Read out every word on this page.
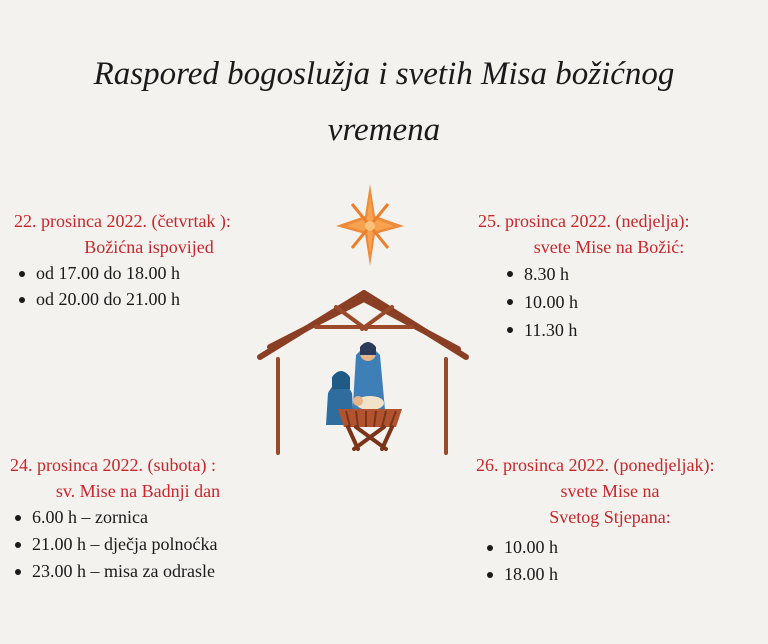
Raspored bogoslužja i svetih Misa božićnog
vremena
22. prosinca 2022. (četvrtak ):
Božićna ispovijed
od 17.00 do 18.00 h
od 20.00 do 21.00 h
25. prosinca 2022. (nedjelja):
svete Mise na Božić:
8.30 h
10.00 h
11.30 h
24. prosinca 2022. (subota) :
sv. Mise na Badnji dan
6.00 h – zornica
21.00 h – dječja polnoćka
23.00 h – misa za odrasle
26. prosinca 2022. (ponedjeljak):
svete Mise na
Svetog Stjepana:
10.00 h
18.00 h
